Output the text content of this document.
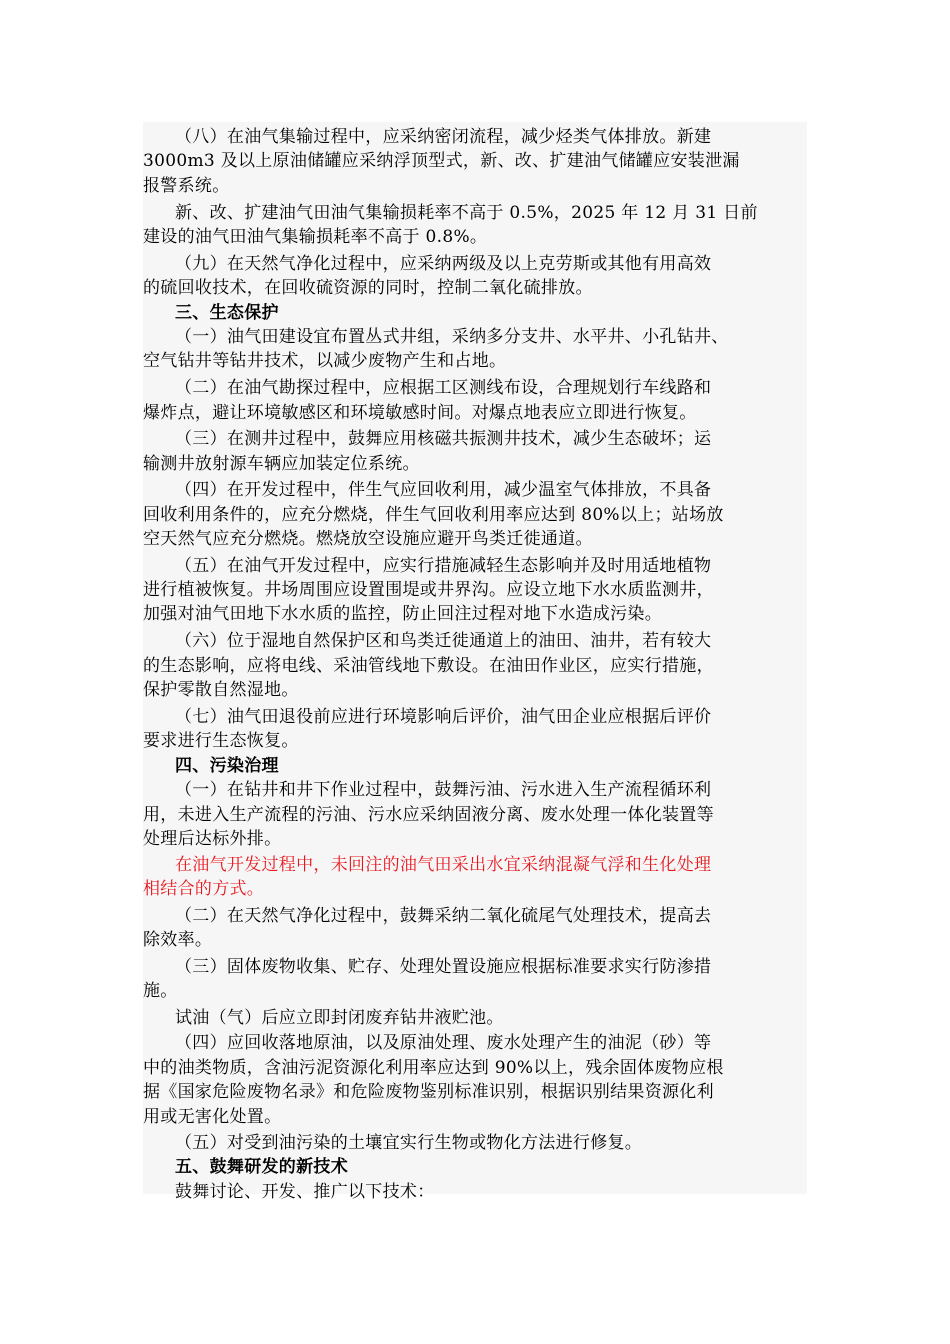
（八）在油气集输过程中，应采纳密闭流程，减少烃类气体排放。新建
3000m3 及以上原油储罐应采纳浮顶型式，新、改、扩建油气储罐应安装泄漏
报警系统。
新、改、扩建油气田油气集输损耗率不高于 0.5%，2025 年 12 月 31 日前
建设的油气田油气集输损耗率不高于 0.8%。
（九）在天然气净化过程中，应采纳两级及以上克劳斯或其他有用高效
的硫回收技术，在回收硫资源的同时，控制二氧化硫排放。
三、生态保护
（一）油气田建设宜布置丛式井组，采纳多分支井、水平井、小孔钻井、
空气钻井等钻井技术，以减少废物产生和占地。
（二）在油气勘探过程中，应根据工区测线布设，合理规划行车线路和
爆炸点，避让环境敏感区和环境敏感时间。对爆点地表应立即进行恢复。
（三）在测井过程中，鼓舞应用核磁共振测井技术，减少生态破坏；运
输测井放射源车辆应加装定位系统。
（四）在开发过程中，伴生气应回收利用，减少温室气体排放，不具备
回收利用条件的，应充分燃烧，伴生气回收利用率应达到 80%以上；站场放
空天然气应充分燃烧。燃烧放空设施应避开鸟类迁徙通道。
（五）在油气开发过程中，应实行措施减轻生态影响并及时用适地植物
进行植被恢复。井场周围应设置围堤或井界沟。应设立地下水水质监测井，
加强对油气田地下水水质的监控，防止回注过程对地下水造成污染。
（六）位于湿地自然保护区和鸟类迁徙通道上的油田、油井，若有较大
的生态影响，应将电线、采油管线地下敷设。在油田作业区，应实行措施，
保护零散自然湿地。
（七）油气田退役前应进行环境影响后评价，油气田企业应根据后评价
要求进行生态恢复。
四、污染治理
（一）在钻井和井下作业过程中，鼓舞污油、污水进入生产流程循环利
用，未进入生产流程的污油、污水应采纳固液分离、废水处理一体化装置等
处理后达标外排。
在油气开发过程中，未回注的油气田采出水宜采纳混凝气浮和生化处理
相结合的方式。
（二）在天然气净化过程中，鼓舞采纳二氧化硫尾气处理技术，提高去
除效率。
（三）固体废物收集、贮存、处理处置设施应根据标准要求实行防渗措
施。
试油（气）后应立即封闭废弃钻井液贮池。
（四）应回收落地原油，以及原油处理、废水处理产生的油泥（砂）等
中的油类物质，含油污泥资源化利用率应达到 90%以上，残余固体废物应根
据《国家危险废物名录》和危险废物鉴别标准识别，根据识别结果资源化利
用或无害化处置。
（五）对受到油污染的土壤宜实行生物或物化方法进行修复。
五、鼓舞研发的新技术
鼓舞讨论、开发、推广以下技术：
